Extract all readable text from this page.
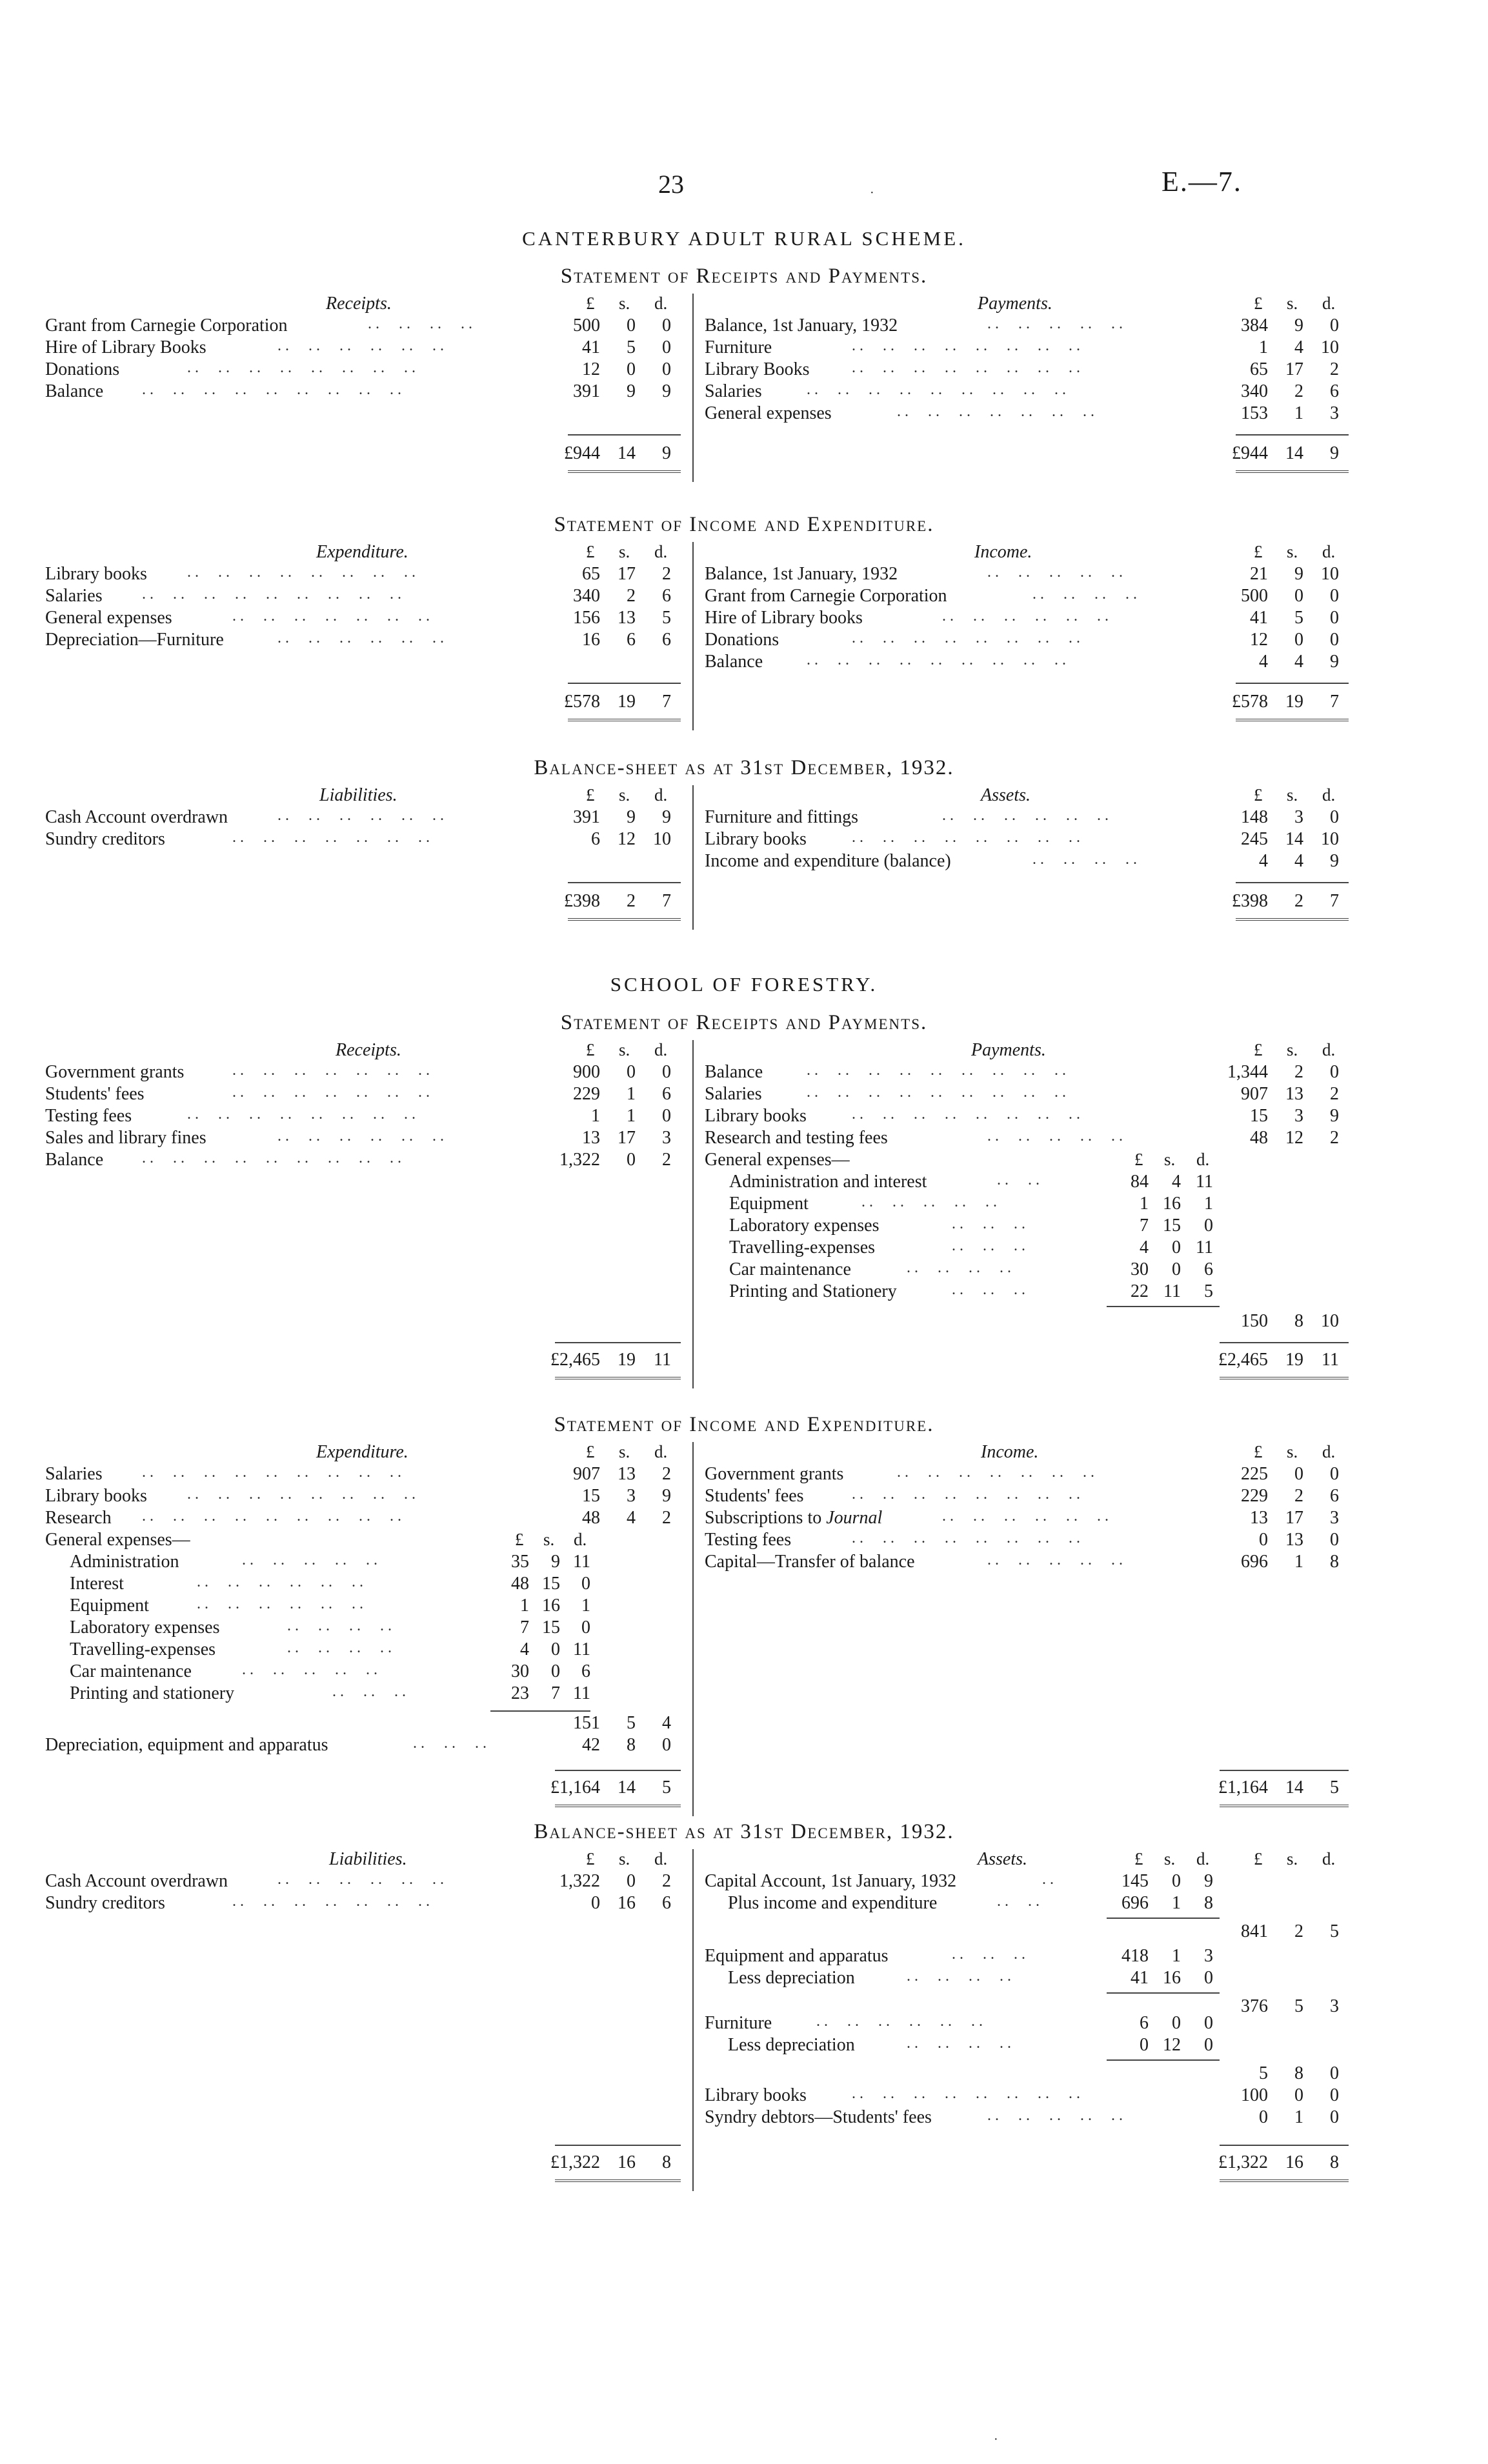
23	·	E.—7.
CANTERBURY ADULT RURAL SCHEME.
Statement of Receipts and Payments.
Receipts.	Payments.
£ s. d.	£ s. d.
Grant from Carnegie Corporation	. .  . .  . .  . .	500 0 0
Hire of Library Books	. .  . .  . .  . .  . .  . .	41 5 0
Donations	. .  . .  . .  . .  . .  . .  . .  . .	12 0 0
Balance . .  . .  . .  . .  . .  . .  . .  . .  . .	391 9 9
Balance, 1st January, 1932	. .  . .  . .  . .  . .	384 9 0
Furniture	. .  . .  . .  . .  . .  . .  . .  . .	1 4 10
Library Books	. .  . .  . .  . .  . .  . .  . .  . .	65 17 2
Salaries	. .  . .  . .  . .  . .  . .  . .  . .  . .	340 2 6
General expenses	. .  . .  . .  . .  . .  . .  . .	153 1 3
£944 14 9	£944 14 9
Statement of Income and Expenditure.
Expenditure.	Income.
£ s. d.	£ s. d.
Library books	. .  . .  . .  . .  . .  . .  . .  . .	65 17 2
Salaries	. .  . .  . .  . .  . .  . .  . .  . .  . .	340 2 6
General expenses	. .  . .  . .  . .  . .  . .  . .	156 13 5
Depreciation—Furniture	. .  . .  . .  . .  . .  . .	16 6 6
Balance, 1st January, 1932	. .  . .  . .  . .  . .	21 9 10
Grant from Carnegie Corporation	. .  . .  . .  . .	500 0 0
Hire of Library books	. .  . .  . .  . .  . .  . .	41 5 0
Donations	. .  . .  . .  . .  . .  . .  . .  . .	12 0 0
Balance	. .  . .  . .  . .  . .  . .  . .  . .  . .	4 4 9
£578 19 7	£578 19 7
Balance-sheet as at 31st December, 1932.
Liabilities.	Assets.
£ s. d.	£ s. d.
Cash Account overdrawn	. .  . .  . .  . .  . .  . .	391 9 9
Sundry creditors	. .  . .  . .  . .  . .  . .  . .	6 12 10
Furniture and fittings	. .  . .  . .  . .  . .  . .	148 3 0
Library books	. .  . .  . .  . .  . .  . .  . .  . .	245 14 10
Income and expenditure (balance)	. .  . .  . .  . .	4 4 9
£398 2 7	£398 2 7
SCHOOL OF FORESTRY.
Statement of Receipts and Payments.
Receipts.	Payments.
£ s. d.	£ s. d.
Government grants	. .  . .  . .  . .  . .  . .  . .	900 0 0
Students' fees	. .  . .  . .  . .  . .  . .  . .	229 1 6
Testing fees	. .  . .  . .  . .  . .  . .  . .  . .	1 1 0
Sales and library fines	. .  . .  . .  . .  . .  . .	13 17 3
Balance . .  . .  . .  . .  . .  . .  . .  . .  . .	1,322 0 2
Balance	. .  . .  . .  . .  . .  . .  . .  . .  . .	1,344 2 0
Salaries	. .  . .  . .  . .  . .  . .  . .  . .  . .	907 13 2
Library books	. .  . .  . .  . .  . .  . .  . .  . .	15 3 9
Research and testing fees	. .  . .  . .  . .  . .	48 12 2
General expenses—	£ s. d.
Administration and interest	. .  . .	84 4 11
Equipment	. .  . .  . .  . .  . .	1 16 1
Laboratory expenses	. .  . .  . .	7 15 0
Travelling-expenses	. .  . .  . .	4 0 11
Car maintenance	. .  . .  . .  . .	30 0 6
Printing and Stationery	. .  . .  . .	22 11 5
150 8 10
£2,465 19 11	£2,465 19 11
Statement of Income and Expenditure.
Expenditure.	Income.
£ s. d.	£ s. d.
Salaries	. .  . .  . .  . .  . .  . .  . .  . .  . .	907 13 2
Library books	. .  . .  . .  . .  . .  . .  . .  . .	15 3 9
Research . .  . .  . .  . .  . .  . .  . .  . .  . .	48 4 2
Government grants	. .  . .  . .  . .  . .  . .  . .	225 0 0
Students' fees	. .  . .  . .  . .  . .  . .  . .  . .	229 2 6
Subscriptions to Journal	. .  . .  . .  . .  . .  . .	13 17 3
Testing fees	. .  . .  . .  . .  . .  . .  . .  . .	0 13 0
Capital—Transfer of balance	. .  . .  . .  . .  . .	696 1 8
General expenses—	£ s. d.
Administration	. .  . .  . .  . .  . .	35 9 11
Interest	. .  . .  . .  . .  . .  . .	48 15 0
Equipment	. .  . .  . .  . .  . .  . .	1 16 1
Laboratory expenses	. .  . .  . .  . .	7 15 0
Travelling-expenses	. .  . .  . .  . .	4 0 11
Car maintenance	. .  . .  . .  . .  . .	30 0 6
Printing and stationery	. .  . .  . .	23 7 11
151 5 4
Depreciation, equipment and apparatus	. .  . .  . .	42 8 0
£1,164 14 5	£1,164 14 5
Balance-sheet as at 31st December, 1932.
Liabilities.	Assets.
£ s. d.	£ s. d.	£ s. d.
Cash Account overdrawn	. .  . .  . .  . .  . .  . .	1,322 0 2
Sundry creditors	. .  . .  . .  . .  . .  . .  . .	0 16 6
Capital Account, 1st January, 1932	. .	145 0 9
Plus income and expenditure	. .  . .	696 1 8
841 2 5
Equipment and apparatus	. .  . .  . .	418 1 3
Less depreciation	. .  . .  . .  . .	41 16 0
376 5 3
Furniture	. .  . .  . .  . .  . .  . .	6 0 0
Less depreciation	. .  . .  . .  . .	0 12 0
5 8 0
Library books	. .  . .  . .  . .  . .  . .  . .  . .	100 0 0
Syndry debtors—Students' fees	. .  . .  . .  . .  . .	0 1 0
£1,322 16 8	£1,322 16 8
·
